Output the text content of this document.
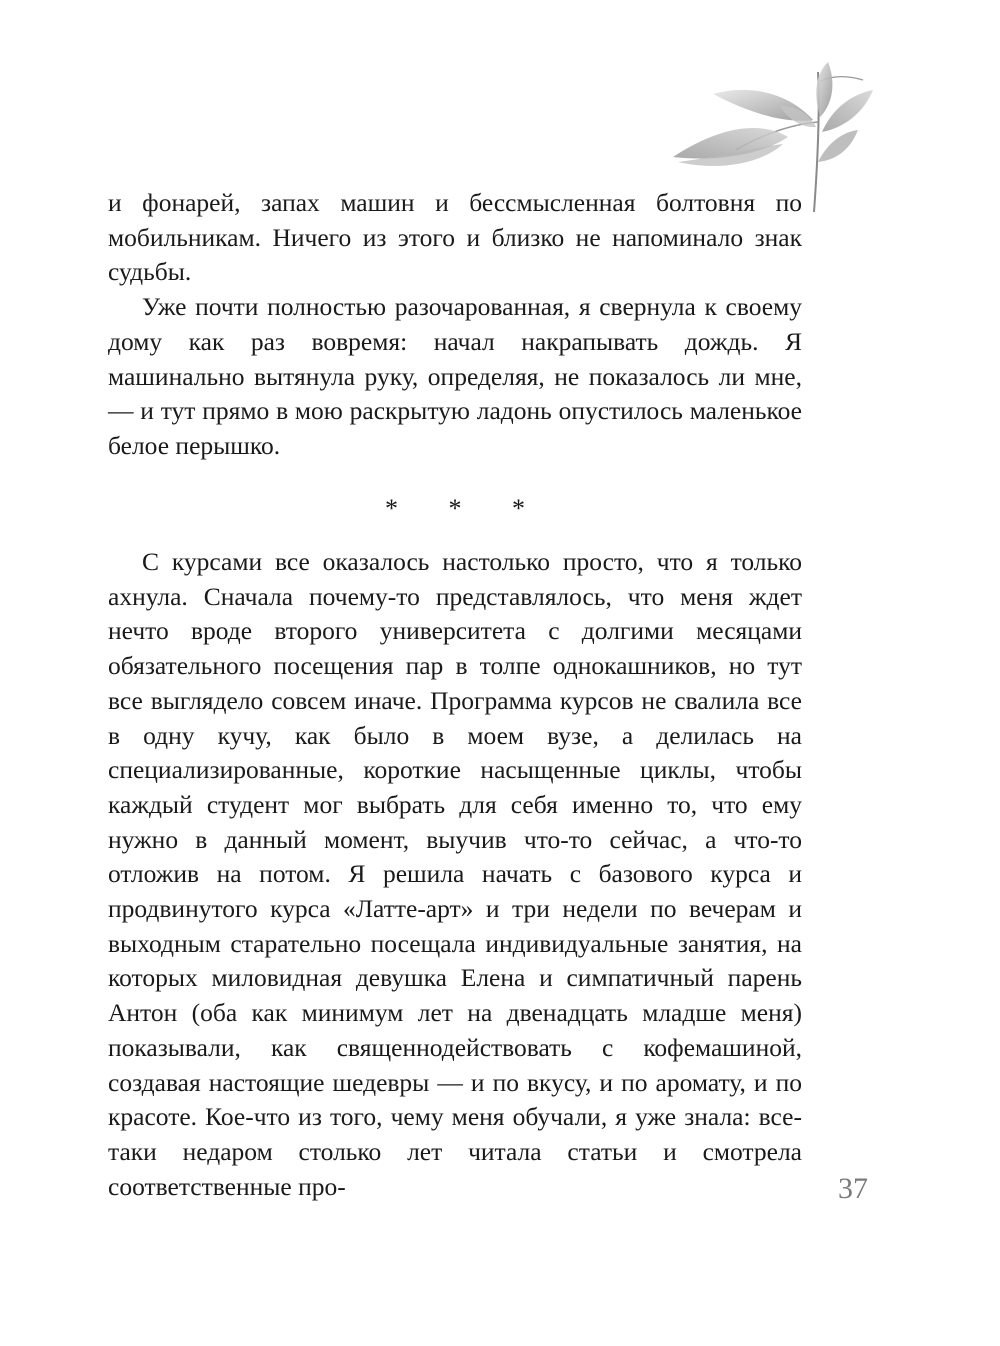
и фонарей, запах машин и бессмысленная болтовня по мобильникам. Ничего из этого и близко не напоминало знак судьбы.

Уже почти полностью разочарованная, я свернула к своему дому как раз вовремя: начал накрапывать дождь. Я машинально вытянула руку, определяя, не показалось ли мне, — и тут прямо в мою раскрытую ладонь опустилось маленькое белое перышко.

* * *

С курсами все оказалось настолько просто, что я только ахнула. Сначала почему-то представлялось, что меня ждет нечто вроде второго университета с долгими месяцами обязательного посещения пар в толпе однокашников, но тут все выглядело совсем иначе. Программа курсов не свалила все в одну кучу, как было в моем вузе, а делилась на специализированные, короткие насыщенные циклы, чтобы каждый студент мог выбрать для себя именно то, что ему нужно в данный момент, выучив что-то сейчас, а что-то отложив на потом. Я решила начать с базового курса и продвинутого курса «Латте-арт» и три недели по вечерам и выходным старательно посещала индивидуальные занятия, на которых миловидная девушка Елена и симпатичный парень Антон (оба как минимум лет на двенадцать младше меня) показывали, как священнодействовать с кофемашиной, создавая настоящие шедевры — и по вкусу, и по аромату, и по красоте. Кое-что из того, чему меня обучали, я уже знала: все-таки недаром столько лет читала статьи и смотрела соответственные про-	37
